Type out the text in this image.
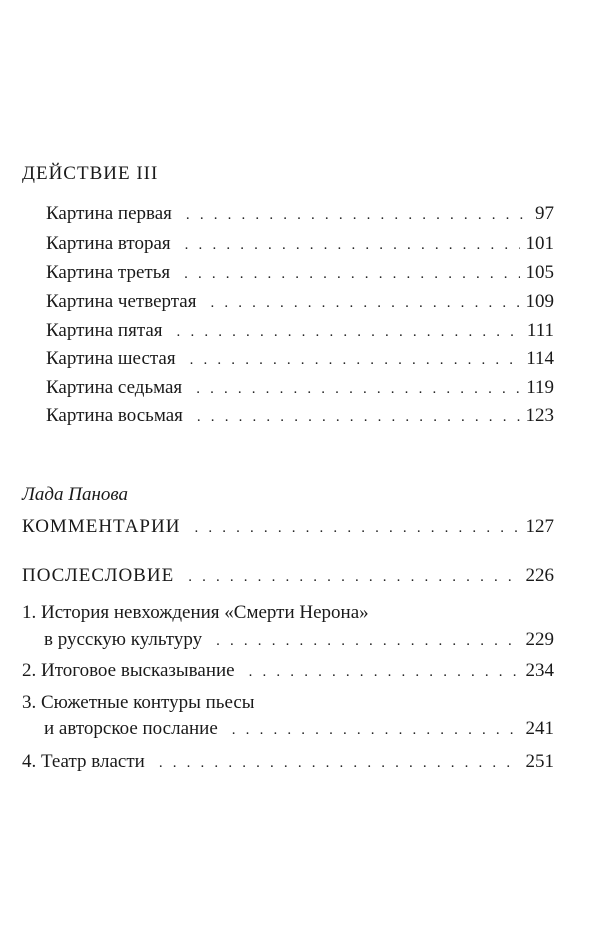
ДЕЙСТВИЕ III
Картина первая . . .	97
Картина вторая . . .	101
Картина третья . . .	105
Картина четвертая . . .	109
Картина пятая . . .	111
Картина шестая . . .	114
Картина седьмая . . .	119
Картина восьмая . . .	123
Лада Панова
КОММЕНТАРИИ . . .	127
ПОСЛЕСЛОВИЕ . . .	226
1. История невхождения «Смерти Нерона»
в русскую культуру . . .	229
2. Итоговое высказывание . . .	234
3. Сюжетные контуры пьесы
и авторское послание . . .	241
4. Театр власти . . .	251
